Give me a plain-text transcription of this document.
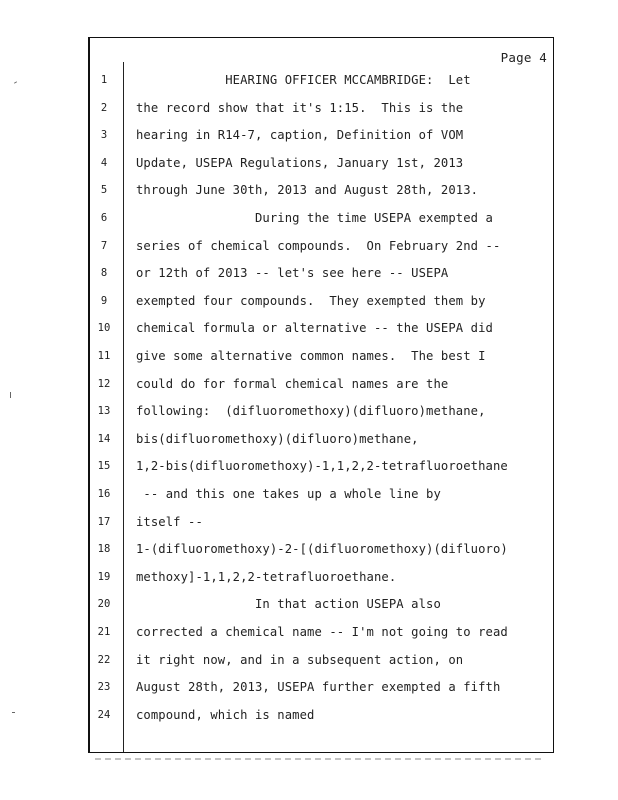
Page 4
1	HEARING OFFICER MCCAMBRIDGE:  Let
2	the record show that it's 1:15.  This is the
3	hearing in R14-7, caption, Definition of VOM
4	Update, USEPA Regulations, January 1st, 2013
5	through June 30th, 2013 and August 28th, 2013.
6	During the time USEPA exempted a
7	series of chemical compounds.  On February 2nd --
8	or 12th of 2013 -- let's see here -- USEPA
9	exempted four compounds.  They exempted them by
10	chemical formula or alternative -- the USEPA did
11	give some alternative common names.  The best I
12	could do for formal chemical names are the
13	following:  (difluoromethoxy)(difluoro)methane,
14	bis(difluoromethoxy)(difluoro)methane,
15	1,2-bis(difluoromethoxy)-1,1,2,2-tetrafluoroethane
16	-- and this one takes up a whole line by
17	itself --
18	1-(difluoromethoxy)-2-[(difluoromethoxy)(difluoro)
19	methoxy]-1,1,2,2-tetrafluoroethane.
20	In that action USEPA also
21	corrected a chemical name -- I'm not going to read
22	it right now, and in a subsequent action, on
23	August 28th, 2013, USEPA further exempted a fifth
24	compound, which is named
